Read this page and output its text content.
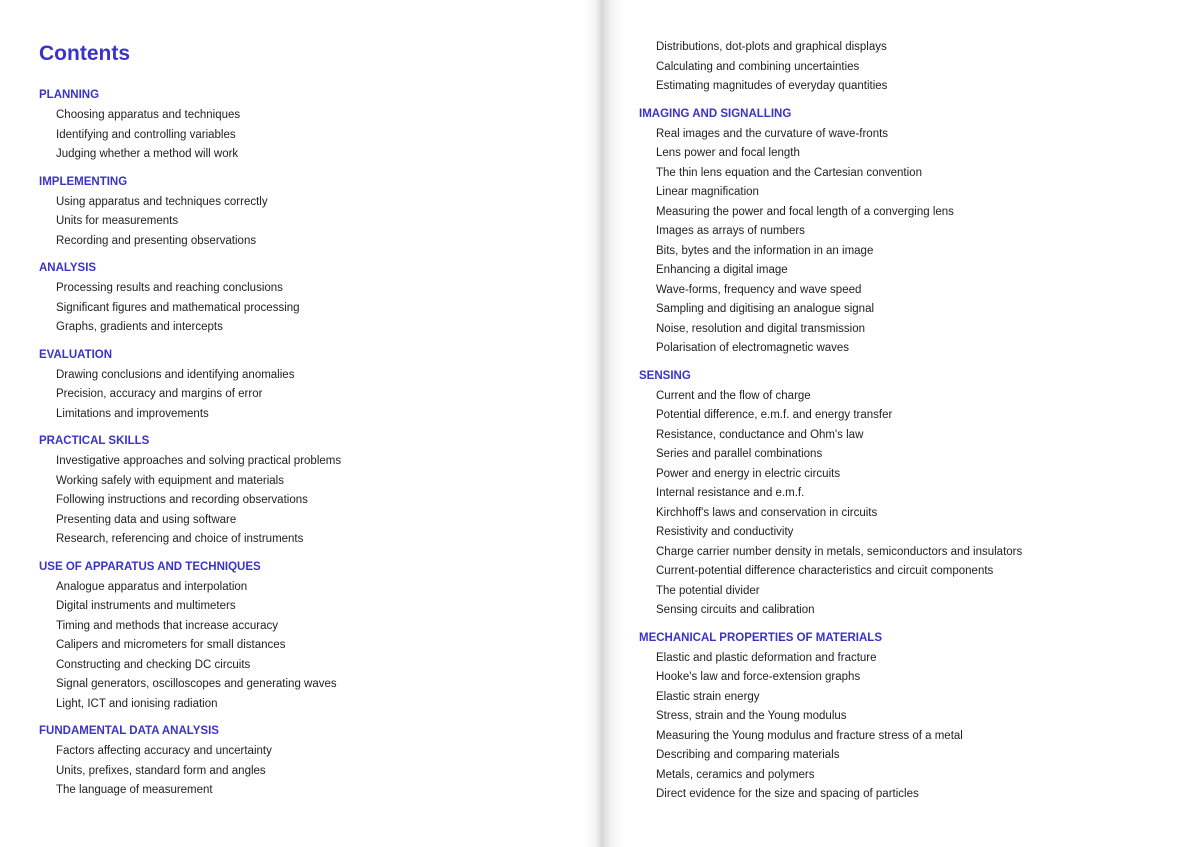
Contents
PLANNING
Choosing apparatus and techniques
Identifying and controlling variables
Judging whether a method will work
IMPLEMENTING
Using apparatus and techniques correctly
Units for measurements
Recording and presenting observations
ANALYSIS
Processing results and reaching conclusions
Significant figures and mathematical processing
Graphs, gradients and intercepts
EVALUATION
Drawing conclusions and identifying anomalies
Precision, accuracy and margins of error
Limitations and improvements
PRACTICAL SKILLS
Investigative approaches and solving practical problems
Working safely with equipment and materials
Following instructions and recording observations
Presenting data and using software
Research, referencing and choice of instruments
USE OF APPARATUS AND TECHNIQUES
Analogue apparatus and interpolation
Digital instruments and multimeters
Timing and methods that increase accuracy
Calipers and micrometers for small distances
Constructing and checking DC circuits
Signal generators, oscilloscopes and generating waves
Light, ICT and ionising radiation
FUNDAMENTAL DATA ANALYSIS
Factors affecting accuracy and uncertainty
Units, prefixes, standard form and angles
The language of measurement
Distributions, dot-plots and graphical displays
Calculating and combining uncertainties
Estimating magnitudes of everyday quantities
IMAGING AND SIGNALLING
Real images and the curvature of wave-fronts
Lens power and focal length
The thin lens equation and the Cartesian convention
Linear magnification
Measuring the power and focal length of a converging lens
Images as arrays of numbers
Bits, bytes and the information in an image
Enhancing a digital image
Wave-forms, frequency and wave speed
Sampling and digitising an analogue signal
Noise, resolution and digital transmission
Polarisation of electromagnetic waves
SENSING
Current and the flow of charge
Potential difference, e.m.f. and energy transfer
Resistance, conductance and Ohm's law
Series and parallel combinations
Power and energy in electric circuits
Internal resistance and e.m.f.
Kirchhoff's laws and conservation in circuits
Resistivity and conductivity
Charge carrier number density in metals, semiconductors and insulators
Current-potential difference characteristics and circuit components
The potential divider
Sensing circuits and calibration
MECHANICAL PROPERTIES OF MATERIALS
Elastic and plastic deformation and fracture
Hooke's law and force-extension graphs
Elastic strain energy
Stress, strain and the Young modulus
Measuring the Young modulus and fracture stress of a metal
Describing and comparing materials
Metals, ceramics and polymers
Direct evidence for the size and spacing of particles
